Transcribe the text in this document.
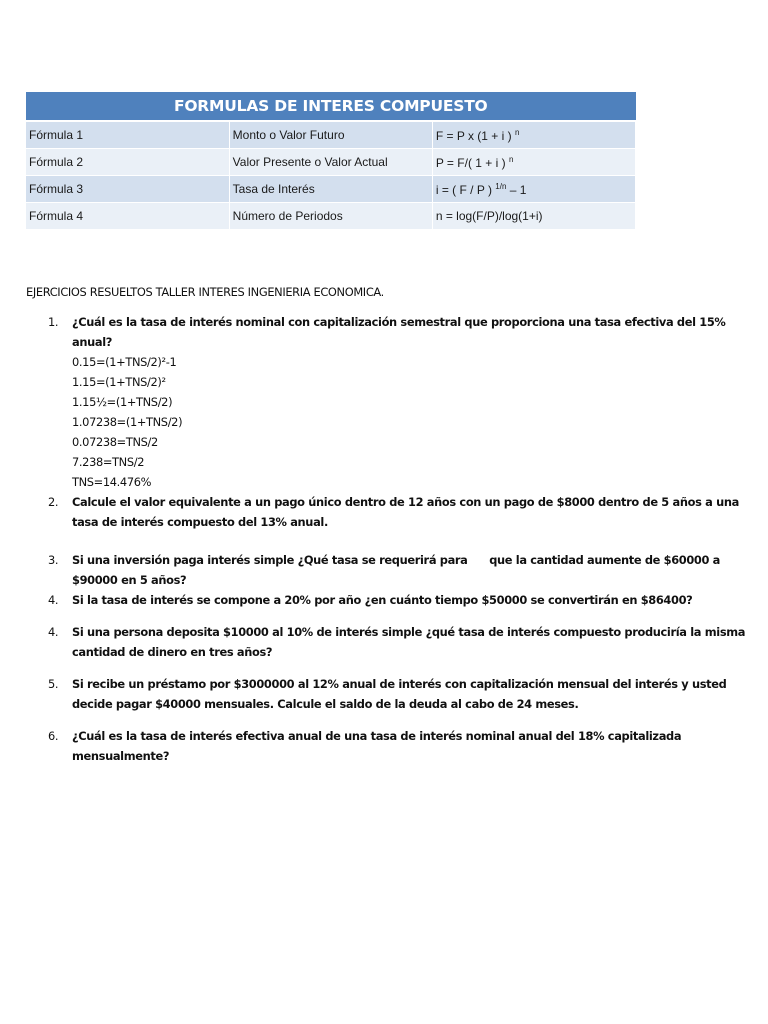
FORMULAS DE INTERES COMPUESTO		
Fórmula 1	Monto o Valor Futuro	F = P x (1 + i ) $^n$
Fórmula 2	Valor Presente o Valor Actual	P = F/( 1 + i ) $^n$
Fórmula 3	Tasa de Interés	i = ( F / P ) $^{1/n}$ – 1
Fórmula 4	Número de Periodos	n = log(F/P)/log(1+i)
EJERCICIOS RESUELTOS TALLER INTERES INGENIERIA ECONOMICA.
1. ¿Cuál es la tasa de interés nominal con capitalización semestral que proporciona una tasa efectiva del 15% anual?
0.15=(1+TNS/2)²-1
1.15=(1+TNS/2)²
1.15½=(1+TNS/2)
1.07238=(1+TNS/2)
0.07238=TNS/2
7.238=TNS/2
TNS=14.476%
2. Calcule el valor equivalente a un pago único dentro de 12 años con un pago de $8000 dentro de 5 años a una tasa de interés compuesto del 13% anual.
3. Si una inversión paga interés simple ¿Qué tasa se requerirá para      que la cantidad aumente de $60000 a $90000 en 5 años?
4. Si la tasa de interés se compone a 20% por año ¿en cuánto tiempo $50000 se convertirán en $86400?
4. Si una persona deposita $10000 al 10% de interés simple ¿qué tasa de interés compuesto produciría la misma cantidad de dinero en tres años?
5. Si recibe un préstamo por $3000000 al 12% anual de interés con capitalización mensual del interés y usted decide pagar $40000 mensuales. Calcule el saldo de la deuda al cabo de 24 meses.
6. ¿Cuál es la tasa de interés efectiva anual de una tasa de interés nominal anual del 18% capitalizada mensualmente?
